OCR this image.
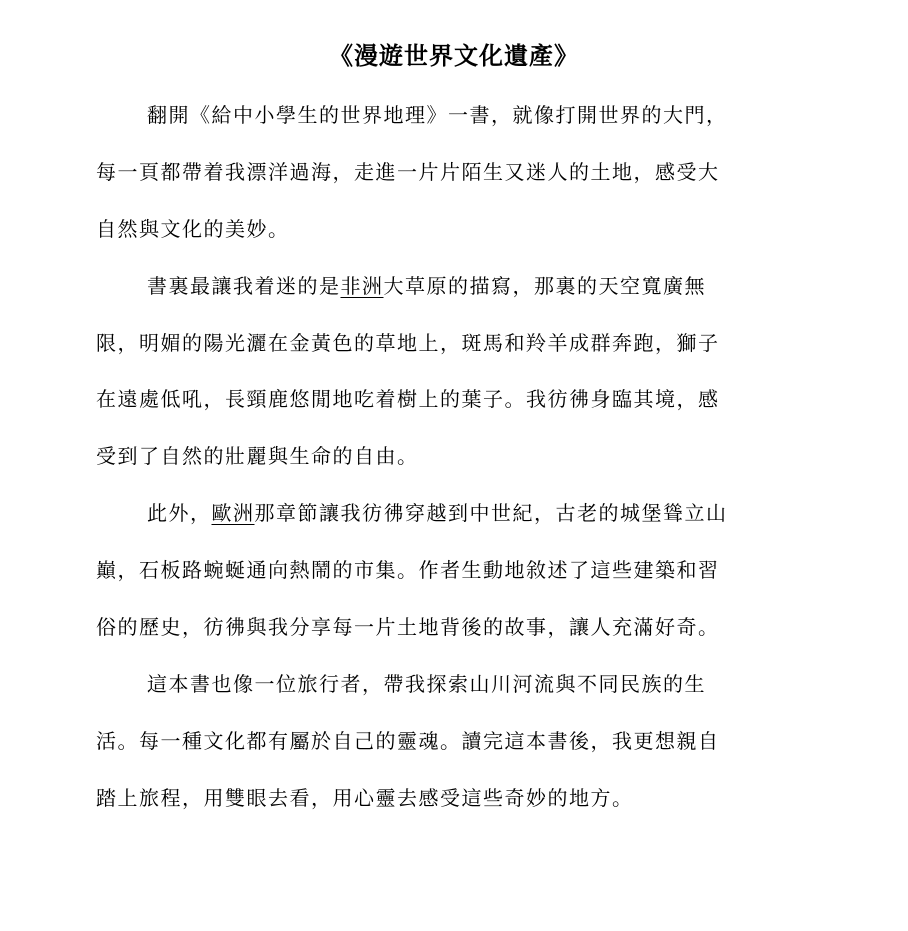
《漫遊世界文化遺產》
翻開《給中小學生的世界地理》一書，就像打開世界的大門，
每一頁都帶着我漂洋過海，走進一片片陌生又迷人的土地，感受大
自然與文化的美妙。
書裏最讓我着迷的是非洲大草原的描寫，那裏的天空寬廣無
限，明媚的陽光灑在金黃色的草地上，斑馬和羚羊成群奔跑，獅子
在遠處低吼，長頸鹿悠閒地吃着樹上的葉子。我彷彿身臨其境，感
受到了自然的壯麗與生命的自由。
此外，歐洲那章節讓我彷彿穿越到中世紀，古老的城堡聳立山
巔，石板路蜿蜒通向熱鬧的市集。作者生動地敘述了這些建築和習
俗的歷史，彷彿與我分享每一片土地背後的故事，讓人充滿好奇。
這本書也像一位旅行者，帶我探索山川河流與不同民族的生
活。每一種文化都有屬於自己的靈魂。讀完這本書後，我更想親自
踏上旅程，用雙眼去看，用心靈去感受這些奇妙的地方。
